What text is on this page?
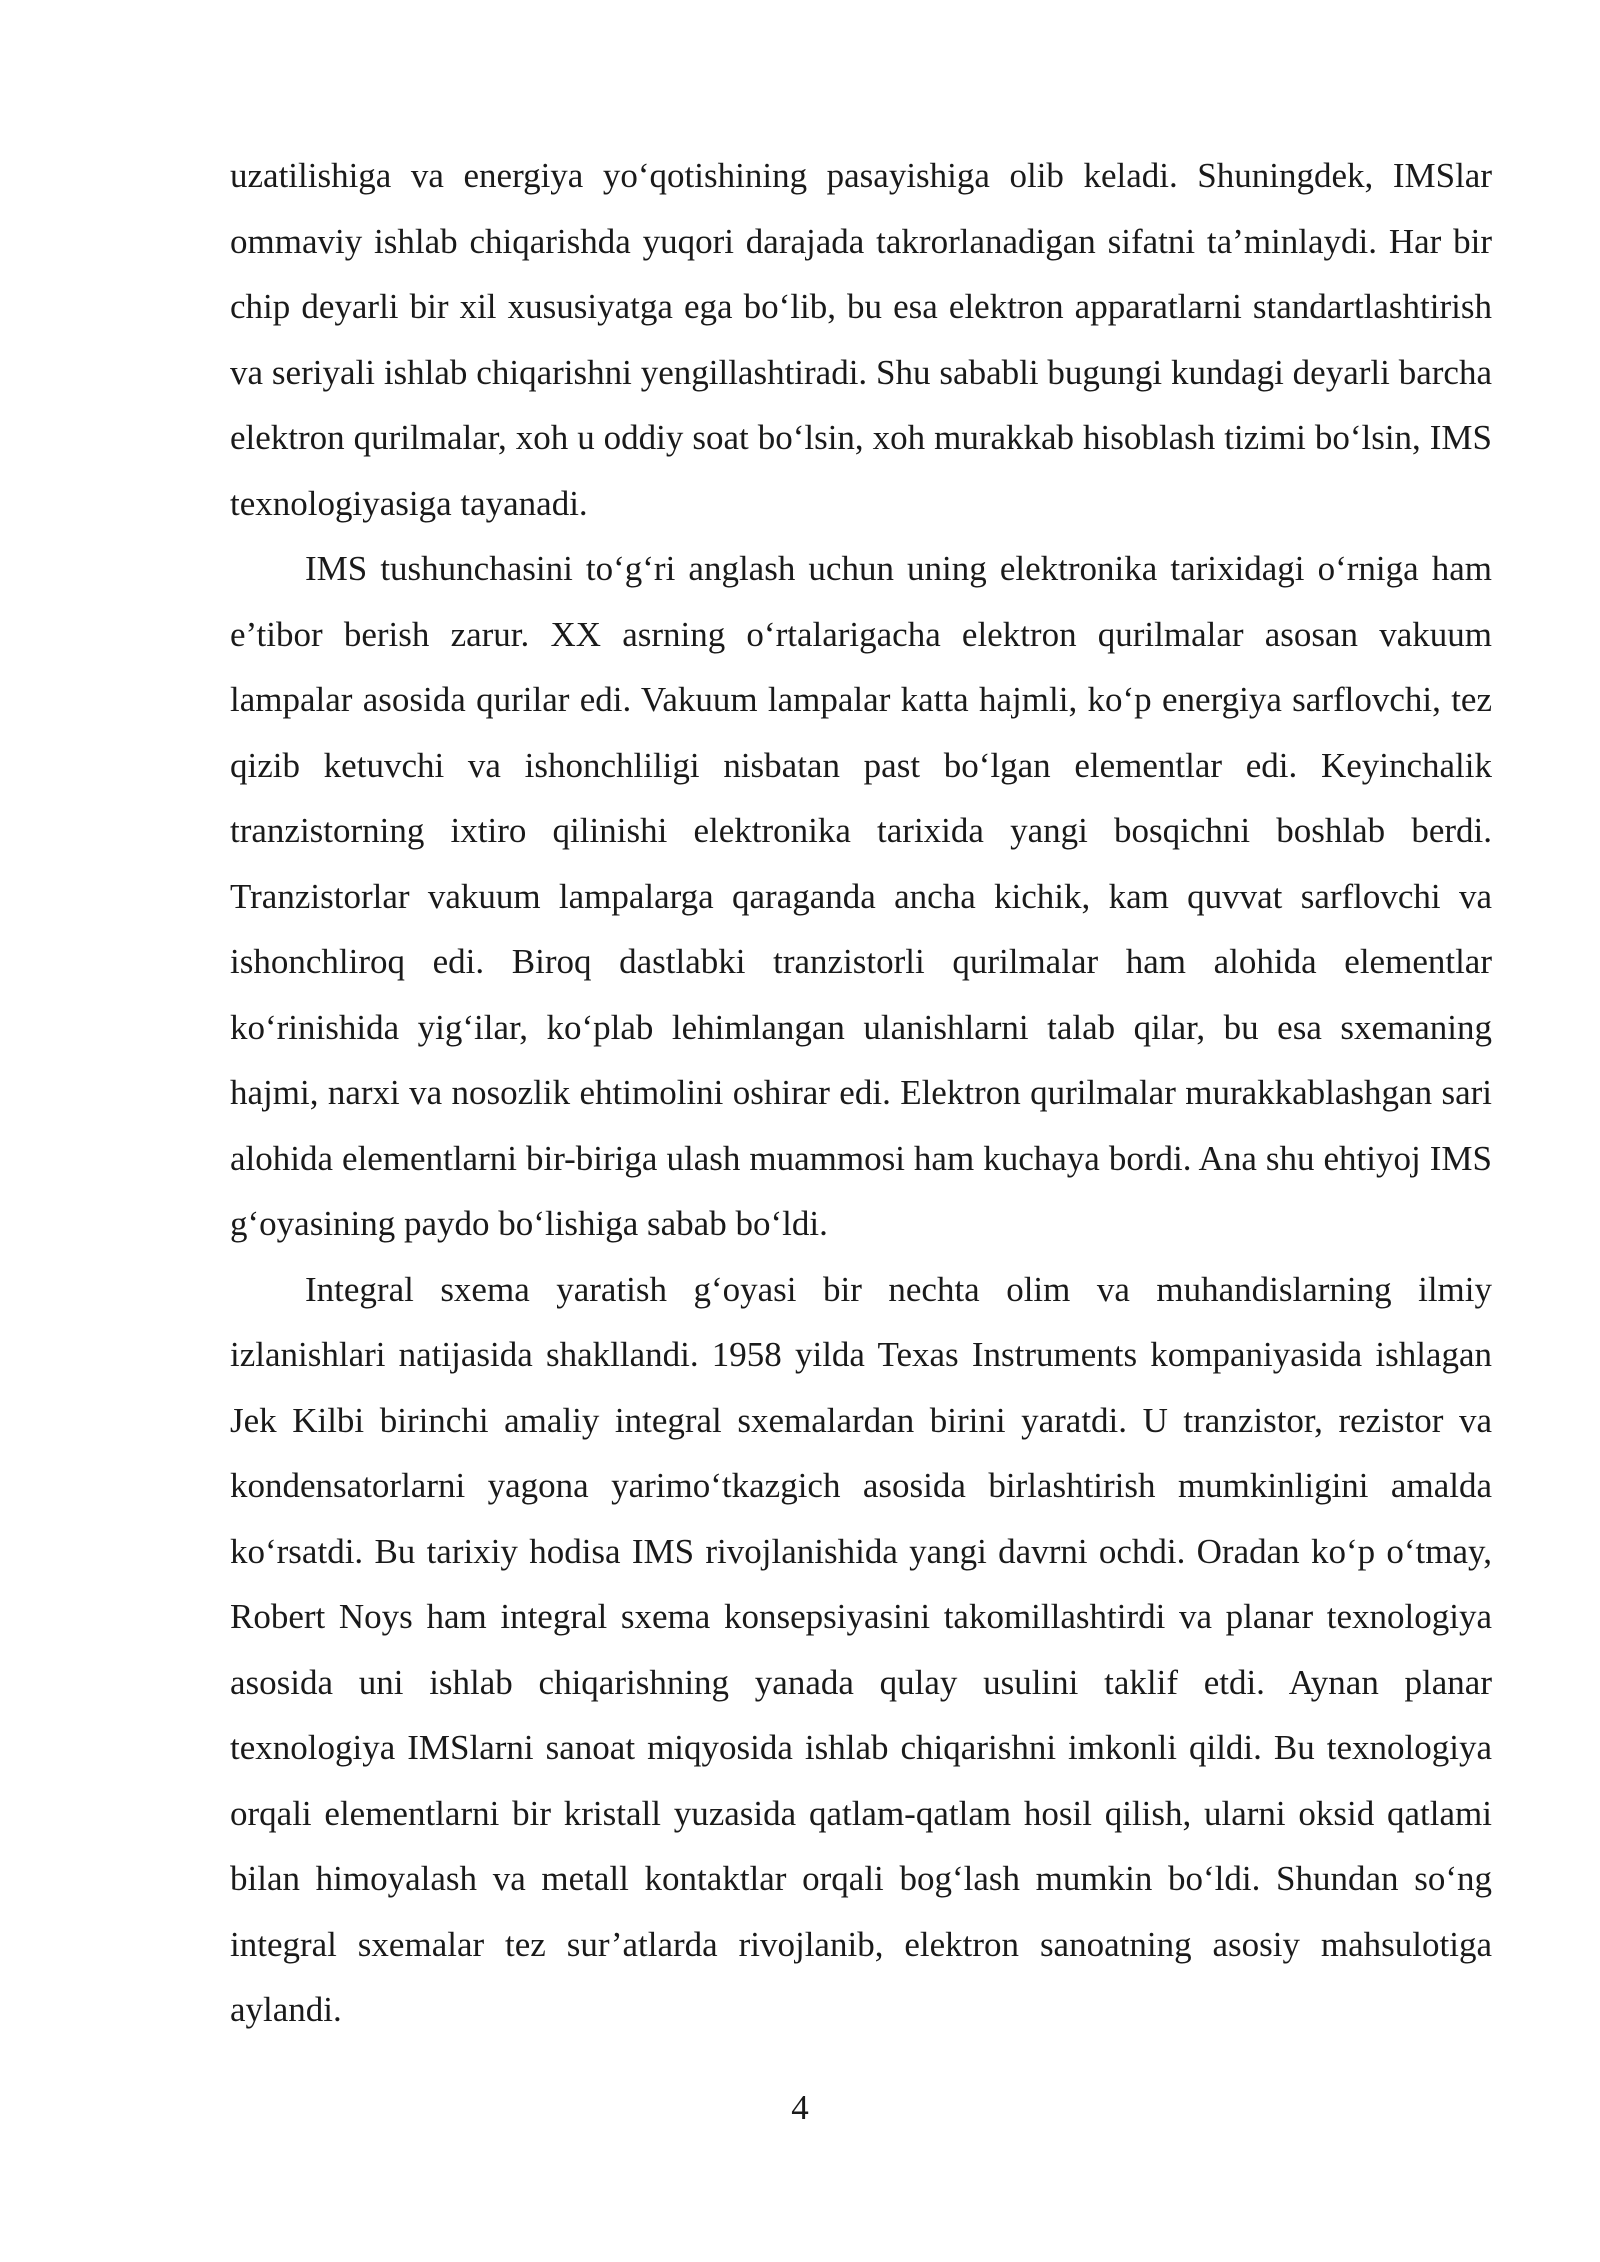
uzatilishiga va energiya yo‘qotishining pasayishiga olib keladi. Shuningdek, IMSlar ommaviy ishlab chiqarishda yuqori darajada takrorlanadigan sifatni ta’minlaydi. Har bir chip deyarli bir xil xususiyatga ega bo‘lib, bu esa elektron apparatlarni standartlashtirish va seriyali ishlab chiqarishni yengillashtiradi. Shu sababli bugungi kundagi deyarli barcha elektron qurilmalar, xoh u oddiy soat bo‘lsin, xoh murakkab hisoblash tizimi bo‘lsin, IMS texnologiyasiga tayanadi.

IMS tushunchasini to‘g‘ri anglash uchun uning elektronika tarixidagi o‘rniga ham e’tibor berish zarur. XX asrning o‘rtalarigacha elektron qurilmalar asosan vakuum lampalar asosida qurilar edi. Vakuum lampalar katta hajmli, ko‘p energiya sarflovchi, tez qizib ketuvchi va ishonchliligi nisbatan past bo‘lgan elementlar edi. Keyinchalik tranzistorning ixtiro qilinishi elektronika tarixida yangi bosqichni boshlab berdi. Tranzistorlar vakuum lampalarga qaraganda ancha kichik, kam quvvat sarflovchi va ishonchliroq edi. Biroq dastlabki tranzistorli qurilmalar ham alohida elementlar ko‘rinishida yig‘ilar, ko‘plab lehimlangan ulanishlarni talab qilar, bu esa sxemaning hajmi, narxi va nosozlik ehtimolini oshirar edi. Elektron qurilmalar murakkablashgan sari alohida elementlarni bir-biriga ulash muammosi ham kuchaya bordi. Ana shu ehtiyoj IMS g‘oyasining paydo bo‘lishiga sabab bo‘ldi.

Integral sxema yaratish g‘oyasi bir nechta olim va muhandislarning ilmiy izlanishlari natijasida shakllandi. 1958 yilda Texas Instruments kompaniyasida ishlagan Jek Kilbi birinchi amaliy integral sxemalardan birini yaratdi. U tranzistor, rezistor va kondensatorlarni yagona yarimo‘tkazgich asosida birlashtirish mumkinligini amalda ko‘rsatdi. Bu tarixiy hodisa IMS rivojlanishida yangi davrni ochdi. Oradan ko‘p o‘tmay, Robert Noys ham integral sxema konsepsiyasini takomillashtirdi va planar texnologiya asosida uni ishlab chiqarishning yanada qulay usulini taklif etdi. Aynan planar texnologiya IMSlarni sanoat miqyosida ishlab chiqarishni imkonli qildi. Bu texnologiya orqali elementlarni bir kristall yuzasida qatlam-qatlam hosil qilish, ularni oksid qatlami bilan himoyalash va metall kontaktlar orqali bog‘lash mumkin bo‘ldi. Shundan so‘ng integral sxemalar tez sur’atlarda rivojlanib, elektron sanoatning asosiy mahsulotiga aylandi.

4
